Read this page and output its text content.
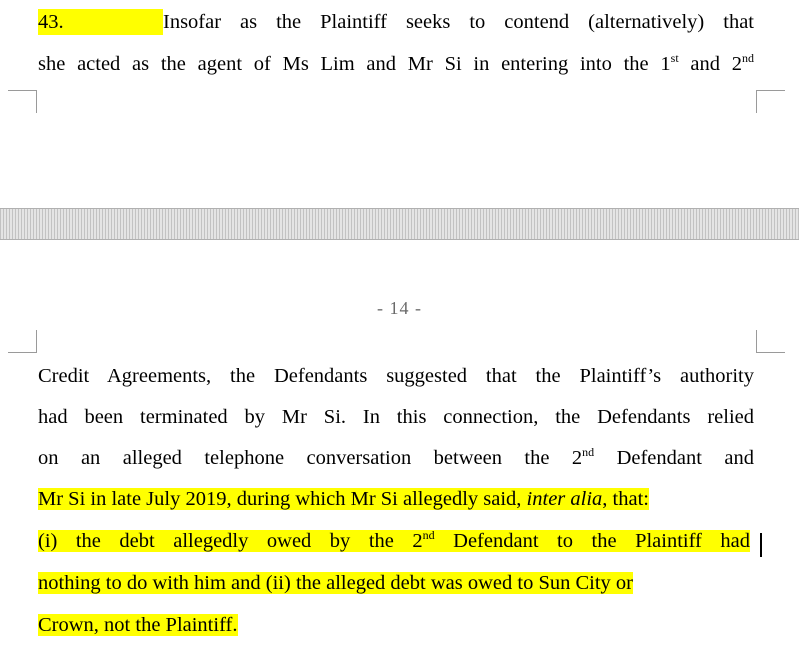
43.	Insofar as the Plaintiff seeks to contend (alternatively) that
she acted as the agent of Ms Lim and Mr Si in entering into the 1st and 2nd
- 14 -
Credit Agreements, the Defendants suggested that the Plaintiff’s authority
had been terminated by Mr Si. In this connection, the Defendants relied
on an alleged telephone conversation between the 2nd Defendant and
Mr Si in late July 2019, during which Mr Si allegedly said, inter alia, that:
(i) the debt allegedly owed by the 2nd Defendant to the Plaintiff had
nothing to do with him and (ii) the alleged debt was owed to Sun City or
Crown, not the Plaintiff.
